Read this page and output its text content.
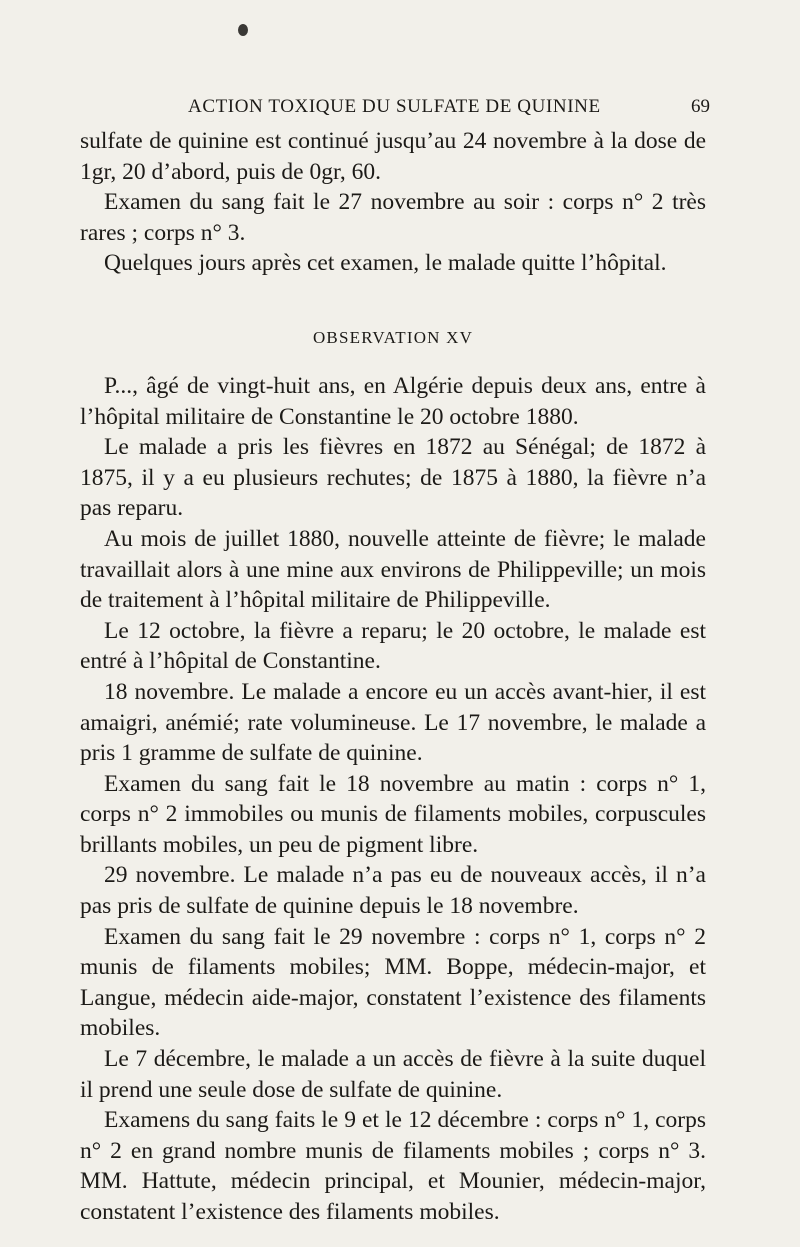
ACTION TOXIQUE DU SULFATE DE QUININE	69

sulfate de quinine est continué jusqu’au 24 novembre à la dose de 1gr, 20 d’abord, puis de 0gr, 60.

Examen du sang fait le 27 novembre au soir : corps n° 2 très rares ; corps n° 3.

Quelques jours après cet examen, le malade quitte l’hôpital.

OBSERVATION XV

P..., âgé de vingt-huit ans, en Algérie depuis deux ans, entre à l’hôpital militaire de Constantine le 20 octobre 1880.

Le malade a pris les fièvres en 1872 au Sénégal; de 1872 à 1875, il y a eu plusieurs rechutes; de 1875 à 1880, la fièvre n’a pas reparu.

Au mois de juillet 1880, nouvelle atteinte de fièvre; le malade travaillait alors à une mine aux environs de Philippeville; un mois de traitement à l’hôpital militaire de Philippeville.

Le 12 octobre, la fièvre a reparu; le 20 octobre, le malade est entré à l’hôpital de Constantine.

18 novembre. Le malade a encore eu un accès avant-hier, il est amaigri, anémié; rate volumineuse. Le 17 novembre, le malade a pris 1 gramme de sulfate de quinine.

Examen du sang fait le 18 novembre au matin : corps n° 1, corps n° 2 immobiles ou munis de filaments mobiles, corpuscules brillants mobiles, un peu de pigment libre.

29 novembre. Le malade n’a pas eu de nouveaux accès, il n’a pas pris de sulfate de quinine depuis le 18 novembre.

Examen du sang fait le 29 novembre : corps n° 1, corps n° 2 munis de filaments mobiles; MM. Boppe, médecin-major, et Langue, médecin aide-major, constatent l’existence des filaments mobiles.

Le 7 décembre, le malade a un accès de fièvre à la suite duquel il prend une seule dose de sulfate de quinine.

Examens du sang faits le 9 et le 12 décembre : corps n° 1, corps n° 2 en grand nombre munis de filaments mobiles ; corps n° 3. MM. Hattute, médecin principal, et Mounier, médecin-major, constatent l’existence des filaments mobiles.
